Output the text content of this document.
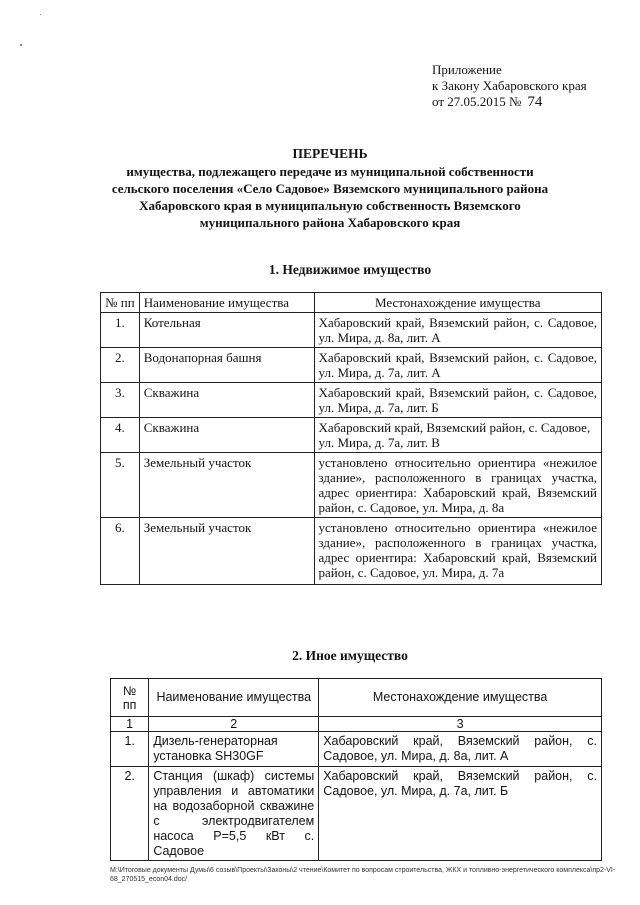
Приложение
к Закону Хабаровского края
от 27.05.2015 № 74
ПЕРЕЧЕНЬ
имущества, подлежащего передаче из муниципальной собственности
сельского поселения «Село Садовое» Вяземского муниципального района
Хабаровского края в муниципальную собственность Вяземского
муниципального района Хабаровского края
1. Недвижимое имущество
№ пп	Наименование имущества	Местонахождение имущества
1.	Котельная	Хабаровский край, Вяземский район, с. Садовое, ул. Мира, д. 8а, лит. А
2.	Водонапорная башня	Хабаровский край, Вяземский район, с. Садовое, ул. Мира, д. 7а, лит. А
3.	Скважина	Хабаровский край, Вяземский район, с. Садовое, ул. Мира, д. 7а, лит. Б
4.	Скважина	Хабаровский край, Вяземский район, с. Садовое, ул. Мира, д. 7а, лит. В
5.	Земельный участок	установлено относительно ориентира «нежилое здание», расположенного в границах участка, адрес ориентира: Хабаровский край, Вяземский район, с. Садовое, ул. Мира, д. 8а
6.	Земельный участок	установлено относительно ориентира «нежилое здание», расположенного в границах участка, адрес ориентира: Хабаровский край, Вяземский район, с. Садовое, ул. Мира, д. 7а
2. Иное имущество
№ пп	Наименование имущества	Местонахождение имущества
1	2	3
1.	Дизель-генераторная установка SH30GF	Хабаровский край, Вяземский район, с. Садовое, ул. Мира, д. 8а, лит. А
2.	Станция (шкаф) системы управления и автоматики на водозаборной скважине с электродвигателем насоса Р=5,5 кВт с. Садовое	Хабаровский край, Вяземский район, с. Садовое, ул. Мира, д. 7а, лит. Б
M:\Итоговые документы Думы\6 созыв\Проекты\Законы\2 чтение\Комитет по вопросам строительства, ЖКХ и топливно-энергетического комплекса\пр2-VI-68_270515_econ04.doc/
